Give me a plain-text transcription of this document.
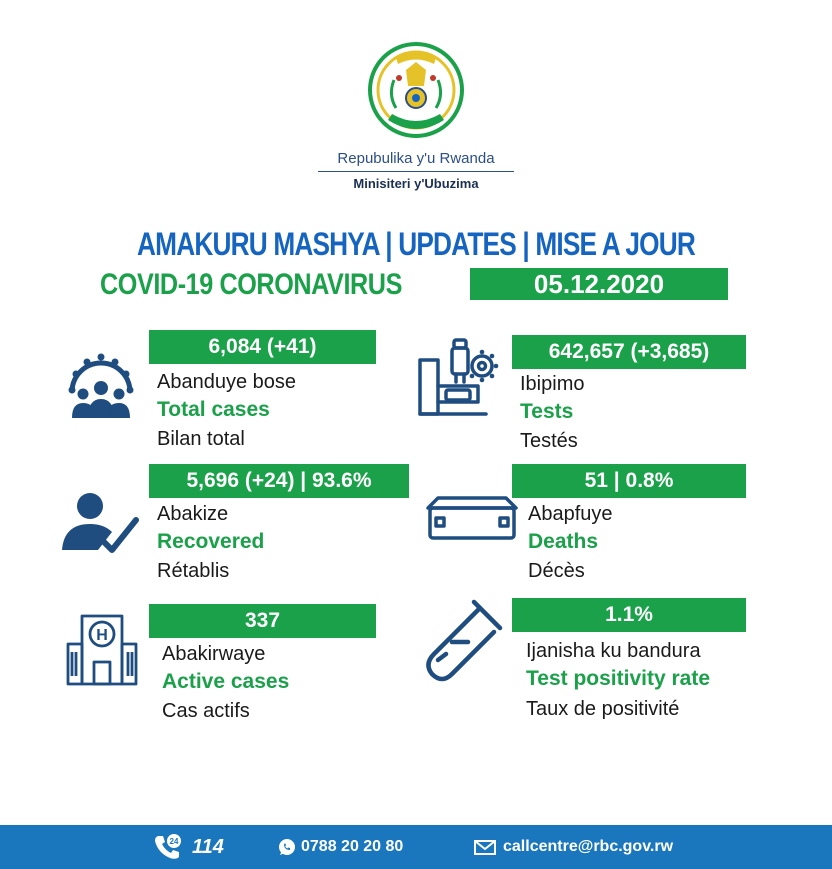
Repubulika y'u Rwanda
Minisiteri y'Ubuzima
AMAKURU MASHYA | UPDATES | MISE A JOUR
COVID-19 CORONAVIRUS	05.12.2020
6,084 (+41)
Abanduye bose
Total cases
Bilan total
642,657 (+3,685)
Ibipimo
Tests
Testés
5,696 (+24) | 93.6%
Abakize
Recovered
Rétablis
51 | 0.8%
Abapfuye
Deaths
Décès
H
337
Abakirwaye
Active cases
Cas actifs
1.1%
Ijanisha ku bandura
Test positivity rate
Taux de positivité
24 114	0788 20 20 80	callcentre@rbc.gov.rw
